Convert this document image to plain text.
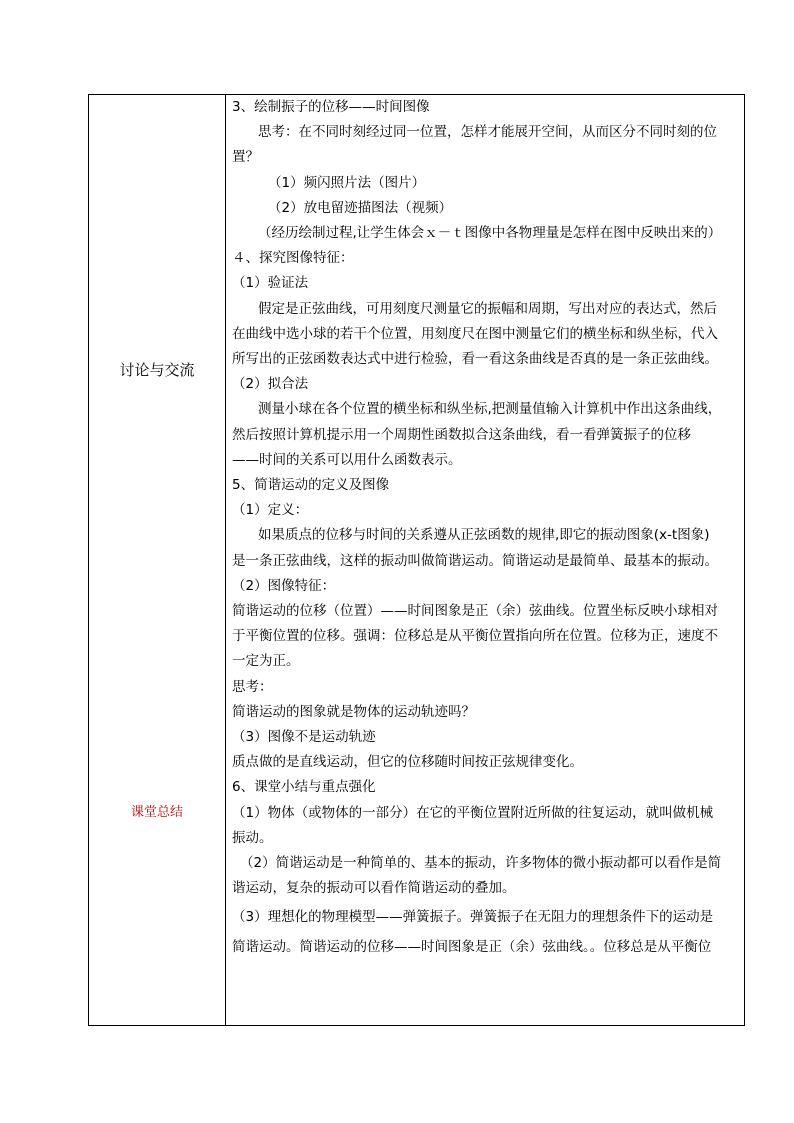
讨论与交流
课堂总结

3、绘制振子的位移——时间图像

思考：在不同时刻经过同一位置，怎样才能展开空间，从而区分不同时刻的位

置？

（1）频闪照片法（图片）

（2）放电留迹描图法（视频）

（经历绘制过程,让学生体会ｘ－ｔ图像中各物理量是怎样在图中反映出来的）

４、探究图像特征：

（1）验证法

假定是正弦曲线，可用刻度尺测量它的振幅和周期，写出对应的表达式，然后

在曲线中选小球的若干个位置，用刻度尺在图中测量它们的横坐标和纵坐标，代入

所写出的正弦函数表达式中进行检验，看一看这条曲线是否真的是一条正弦曲线。

（2）拟合法

测量小球在各个位置的横坐标和纵坐标,把测量值输入计算机中作出这条曲线，

然后按照计算机提示用一个周期性函数拟合这条曲线，看一看弹簧振子的位移

——时间的关系可以用什么函数表示。

5、简谐运动的定义及图像

（1）定义：

如果质点的位移与时间的关系遵从正弦函数的规律,即它的振动图象(x-t图象)

是一条正弦曲线，这样的振动叫做简谐运动。简谐运动是最简单、最基本的振动。

（2）图像特征：

简谐运动的位移（位置）——时间图象是正（余）弦曲线。位置坐标反映小球相对

于平衡位置的位移。强调：位移总是从平衡位置指向所在位置。位移为正，速度不

一定为正。

思考：

简谐运动的图象就是物体的运动轨迹吗？

（3）图像不是运动轨迹

质点做的是直线运动，但它的位移随时间按正弦规律变化。

6、课堂小结与重点强化

（1）物体（或物体的一部分）在它的平衡位置附近所做的往复运动，就叫做机械

振动。

（2）简谐运动是一种简单的、基本的振动，许多物体的微小振动都可以看作是简

谐运动，复杂的振动可以看作简谐运动的叠加。

（3）理想化的物理模型——弹簧振子。弹簧振子在无阻力的理想条件下的运动是

简谐运动。简谐运动的位移——时间图象是正（余）弦曲线。。位移总是从平衡位
